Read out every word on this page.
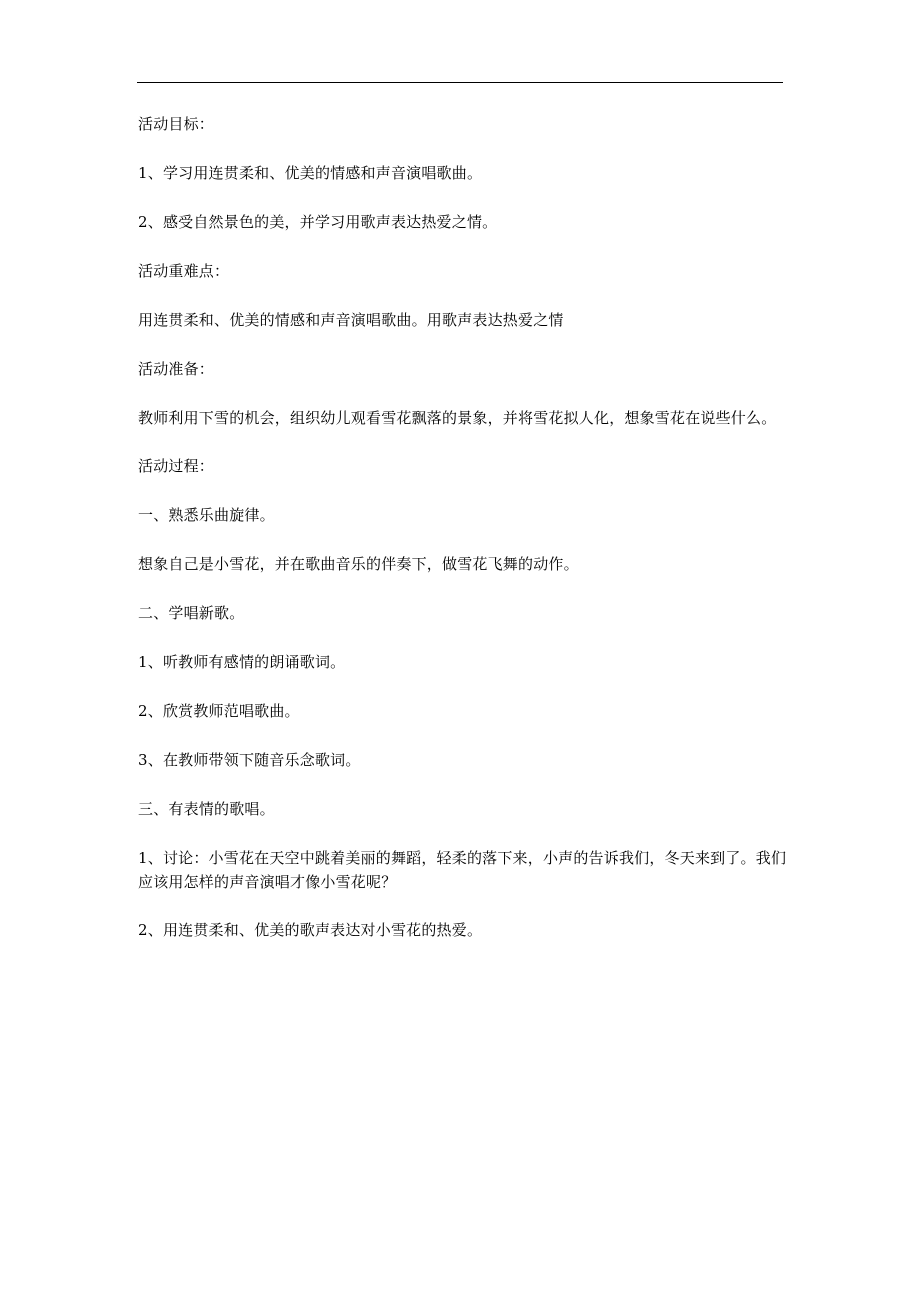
活动目标：

1、学习用连贯柔和、优美的情感和声音演唱歌曲。

2、感受自然景色的美，并学习用歌声表达热爱之情。

活动重难点：

用连贯柔和、优美的情感和声音演唱歌曲。用歌声表达热爱之情

活动准备：

教师利用下雪的机会，组织幼儿观看雪花飘落的景象，并将雪花拟人化，想象雪花在说些什么。

活动过程：

一、熟悉乐曲旋律。

想象自己是小雪花，并在歌曲音乐的伴奏下，做雪花飞舞的动作。

二、学唱新歌。

1、听教师有感情的朗诵歌词。

2、欣赏教师范唱歌曲。

3、在教师带领下随音乐念歌词。

三、有表情的歌唱。

1、讨论：小雪花在天空中跳着美丽的舞蹈，轻柔的落下来，小声的告诉我们，冬天来到了。我们应该用怎样的声音演唱才像小雪花呢？

2、用连贯柔和、优美的歌声表达对小雪花的热爱。
